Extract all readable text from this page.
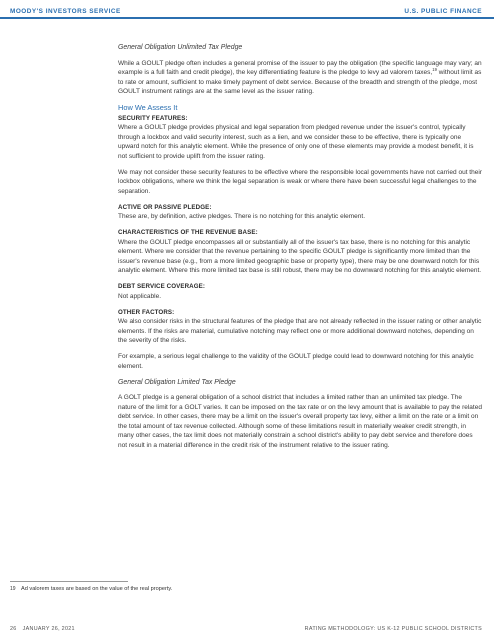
MOODY'S INVESTORS SERVICE	U.S. PUBLIC FINANCE
General Obligation Unlimited Tax Pledge

While a GOULT pledge often includes a general promise of the issuer to pay the obligation (the specific language may vary; an example is a full faith and credit pledge), the key differentiating feature is the pledge to levy ad valorem taxes,$^{19}$ without limit as to rate or amount, sufficient to make timely payment of debt service. Because of the breadth and strength of the pledge, most GOULT instrument ratings are at the same level as the issuer rating.

How We Assess It
SECURITY FEATURES:

Where a GOULT pledge provides physical and legal separation from pledged revenue under the issuer's control, typically through a lockbox and valid security interest, such as a lien, and we consider these to be effective, there is typically one upward notch for this analytic element. While the presence of only one of these elements may provide a modest benefit, it is not sufficient to provide uplift from the issuer rating.

We may not consider these security features to be effective where the responsible local governments have not carried out their lockbox obligations, where we think the legal separation is weak or where there have been successful legal challenges to the separation.

ACTIVE OR PASSIVE PLEDGE:

These are, by definition, active pledges. There is no notching for this analytic element.

CHARACTERISTICS OF THE REVENUE BASE:

Where the GOULT pledge encompasses all or substantially all of the issuer's tax base, there is no notching for this analytic element. Where we consider that the revenue pertaining to the specific GOULT pledge is significantly more limited than the issuer's revenue base (e.g., from a more limited geographic base or property type), there may be one downward notch for this analytic element. Where this more limited tax base is still robust, there may be no downward notching for this analytic element.

DEBT SERVICE COVERAGE:

Not applicable.

OTHER FACTORS:

We also consider risks in the structural features of the pledge that are not already reflected in the issuer rating or other analytic elements. If the risks are material, cumulative notching may reflect one or more additional downward notches, depending on the severity of the risks.

For example, a serious legal challenge to the validity of the GOULT pledge could lead to downward notching for this analytic element.

General Obligation Limited Tax Pledge

A GOLT pledge is a general obligation of a school district that includes a limited rather than an unlimited tax pledge. The nature of the limit for a GOLT varies. It can be imposed on the tax rate or on the levy amount that is available to pay the related debt service. In other cases, there may be a limit on the issuer's overall property tax levy, either a limit on the rate or a limit on the total amount of tax revenue collected. Although some of these limitations result in materially weaker credit strength, in many other cases, the tax limit does not materially constrain a school district's ability to pay debt service and therefore does not result in a material difference in the credit risk of the instrument relative to the issuer rating.

19 Ad valorem taxes are based on the value of the real property.
26 JANUARY 26, 2021	RATING METHODOLOGY: US K-12 PUBLIC SCHOOL DISTRICTS
